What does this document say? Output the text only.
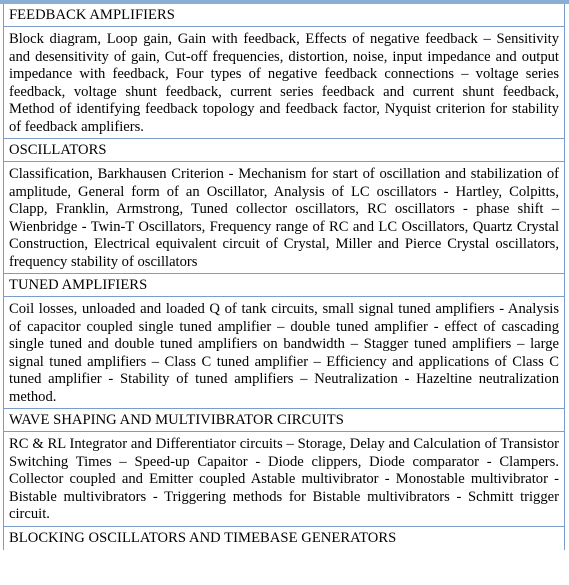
FEEDBACK AMPLIFIERS
Block diagram, Loop gain, Gain with feedback, Effects of negative feedback – Sensitivity and desensitivity of gain, Cut-off frequencies, distortion, noise, input impedance and output impedance with feedback, Four types of negative feedback connections – voltage series feedback, voltage shunt feedback, current series feedback and current shunt feedback, Method of identifying feedback topology and feedback factor, Nyquist criterion for stability of feedback amplifiers.
OSCILLATORS
Classification, Barkhausen Criterion - Mechanism for start of oscillation and stabilization of amplitude, General form of an Oscillator, Analysis of LC oscillators - Hartley, Colpitts, Clapp, Franklin, Armstrong, Tuned collector oscillators, RC oscillators - phase shift – Wienbridge - Twin-T Oscillators, Frequency range of RC and LC Oscillators, Quartz Crystal Construction, Electrical equivalent circuit of Crystal, Miller and Pierce Crystal oscillators, frequency stability of oscillators
TUNED AMPLIFIERS
Coil losses, unloaded and loaded Q of tank circuits, small signal tuned amplifiers - Analysis of capacitor coupled single tuned amplifier – double tuned amplifier - effect of cascading single tuned and double tuned amplifiers on bandwidth – Stagger tuned amplifiers – large signal tuned amplifiers – Class C tuned amplifier – Efficiency and applications of Class C tuned amplifier - Stability of tuned amplifiers – Neutralization - Hazeltine neutralization method.
WAVE SHAPING AND MULTIVIBRATOR CIRCUITS
RC & RL Integrator and Differentiator circuits – Storage, Delay and Calculation of Transistor Switching Times – Speed-up Capaitor - Diode clippers, Diode comparator - Clampers. Collector coupled and Emitter coupled Astable multivibrator - Monostable multivibrator - Bistable multivibrators - Triggering methods for Bistable multivibrators - Schmitt trigger circuit.
BLOCKING OSCILLATORS AND TIMEBASE GENERATORS
